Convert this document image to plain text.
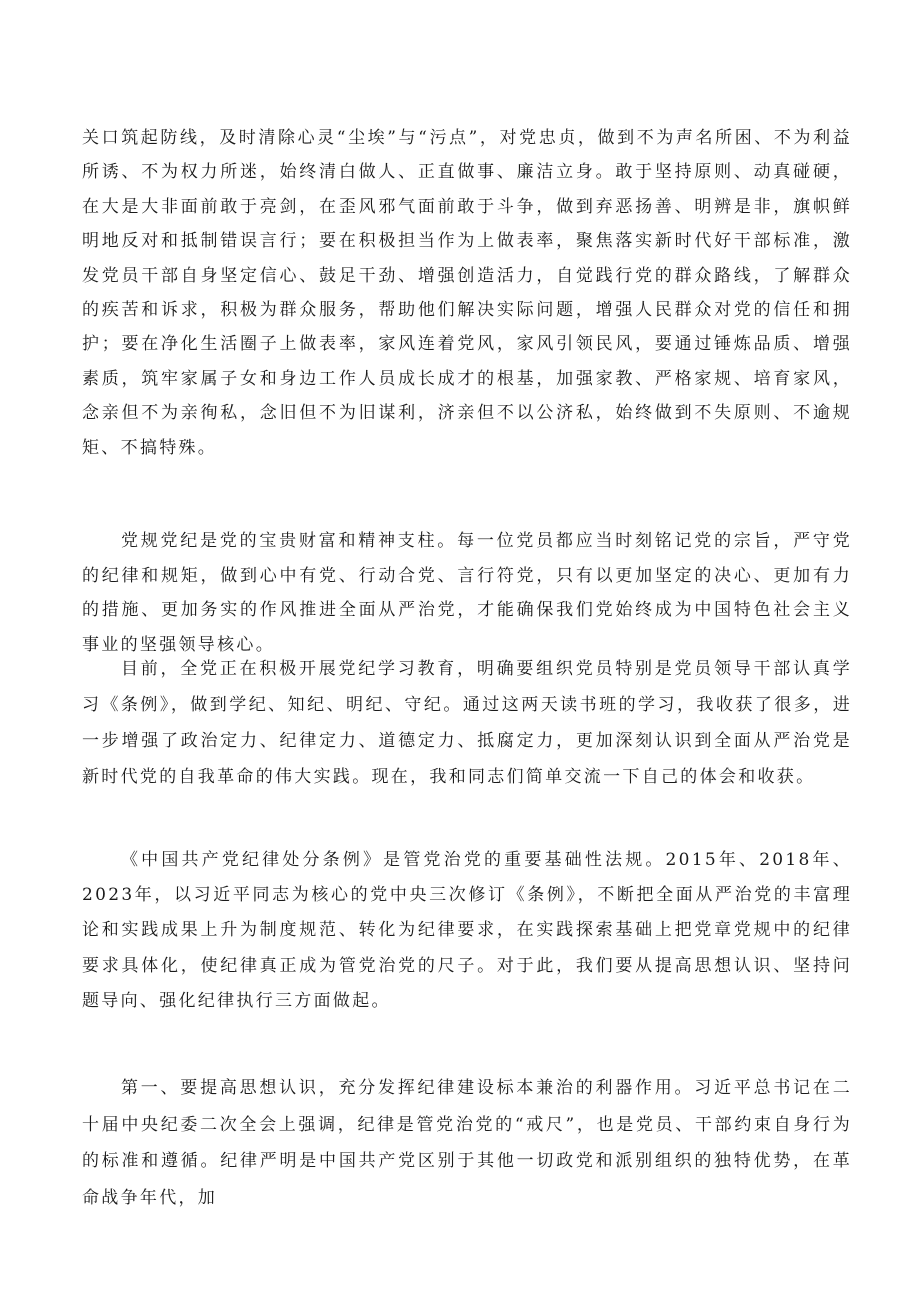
关口筑起防线，及时清除心灵“尘埃”与“污点”，对党忠贞，做到不为声名所困、不为利益所诱、不为权力所迷，始终清白做人、正直做事、廉洁立身。敢于坚持原则、动真碰硬，在大是大非面前敢于亮剑，在歪风邪气面前敢于斗争，做到弃恶扬善、明辨是非，旗帜鲜明地反对和抵制错误言行；要在积极担当作为上做表率，聚焦落实新时代好干部标准，激发党员干部自身坚定信心、鼓足干劲、增强创造活力，自觉践行党的群众路线，了解群众的疾苦和诉求，积极为群众服务，帮助他们解决实际问题，增强人民群众对党的信任和拥护；要在净化生活圈子上做表率，家风连着党风，家风引领民风，要通过锤炼品质、增强素质，筑牢家属子女和身边工作人员成长成才的根基，加强家教、严格家规、培育家风，念亲但不为亲徇私，念旧但不为旧谋利，济亲但不以公济私，始终做到不失原则、不逾规矩、不搞特殊。

党规党纪是党的宝贵财富和精神支柱。每一位党员都应当时刻铭记党的宗旨，严守党的纪律和规矩，做到心中有党、行动合党、言行符党，只有以更加坚定的决心、更加有力的措施、更加务实的作风推进全面从严治党，才能确保我们党始终成为中国特色社会主义事业的坚强领导核心。

目前，全党正在积极开展党纪学习教育，明确要组织党员特别是党员领导干部认真学习《条例》，做到学纪、知纪、明纪、守纪。通过这两天读书班的学习，我收获了很多，进一步增强了政治定力、纪律定力、道德定力、抵腐定力，更加深刻认识到全面从严治党是新时代党的自我革命的伟大实践。现在，我和同志们简单交流一下自己的体会和收获。

《中国共产党纪律处分条例》是管党治党的重要基础性法规。2015年、2018年、2023年，以习近平同志为核心的党中央三次修订《条例》，不断把全面从严治党的丰富理论和实践成果上升为制度规范、转化为纪律要求，在实践探索基础上把党章党规中的纪律要求具体化，使纪律真正成为管党治党的尺子。对于此，我们要从提高思想认识、坚持问题导向、强化纪律执行三方面做起。

第一、要提高思想认识，充分发挥纪律建设标本兼治的利器作用。习近平总书记在二十届中央纪委二次全会上强调，纪律是管党治党的“戒尺”，也是党员、干部约束自身行为的标准和遵循。纪律严明是中国共产党区别于其他一切政党和派别组织的独特优势，在革命战争年代，加
